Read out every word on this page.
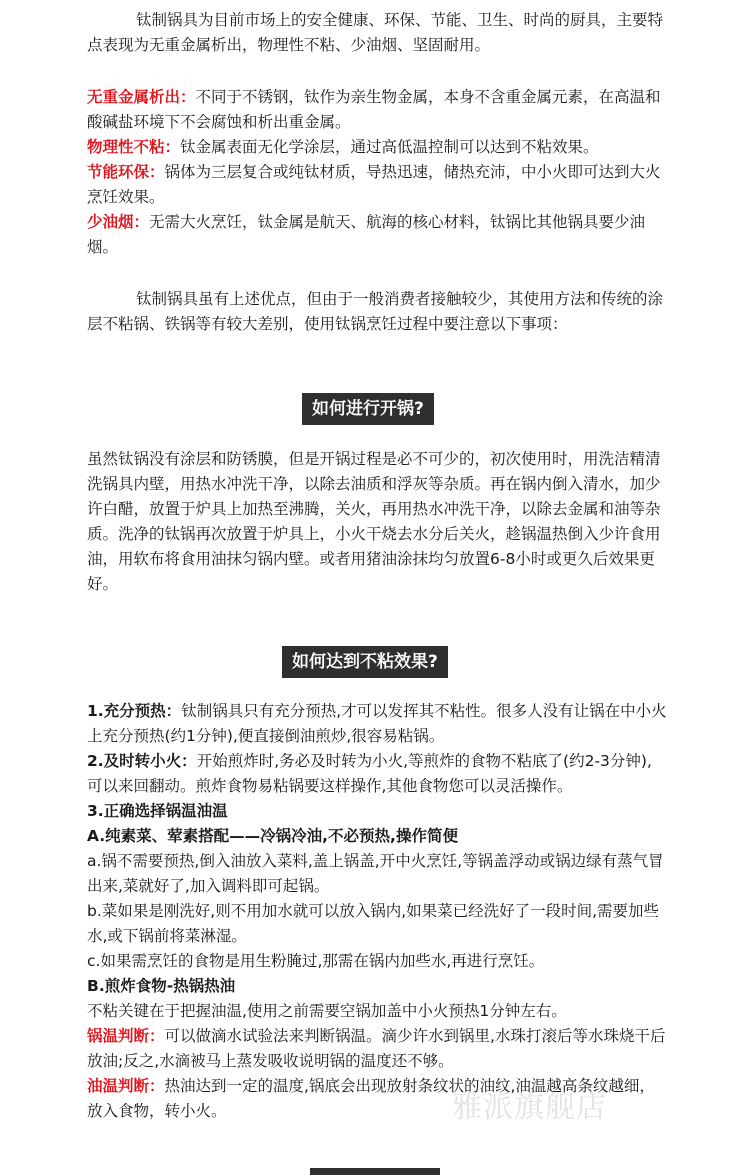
钛制锅具为目前市场上的安全健康、环保、节能、卫生、时尚的厨具，主要特点表现为无重金属析出，物理性不粘、少油烟、坚固耐用。

无重金属析出：不同于不锈钢，钛作为亲生物金属，本身不含重金属元素，在高温和酸碱盐环境下不会腐蚀和析出重金属。

物理性不粘：钛金属表面无化学涂层，通过高低温控制可以达到不粘效果。

节能环保：锅体为三层复合或纯钛材质，导热迅速，储热充沛，中小火即可达到大火烹饪效果。

少油烟：无需大火烹饪，钛金属是航天、航海的核心材料，钛锅比其他锅具要少油烟。

钛制锅具虽有上述优点，但由于一般消费者接触较少，其使用方法和传统的涂层不粘锅、铁锅等有较大差别，使用钛锅烹饪过程中要注意以下事项：

如何进行开锅?

虽然钛锅没有涂层和防锈膜，但是开锅过程是必不可少的，初次使用时，用洗洁精清洗锅具内壁，用热水冲洗干净，以除去油质和浮灰等杂质。再在锅内倒入清水，加少许白醋，放置于炉具上加热至沸腾，关火，再用热水冲洗干净，以除去金属和油等杂质。洗净的钛锅再次放置于炉具上，小火干烧去水分后关火，趁锅温热倒入少许食用油，用软布将食用油抹匀锅内壁。或者用猪油涂抹均匀放置6-8小时或更久后效果更好。

如何达到不粘效果?

1.充分预热：钛制锅具只有充分预热,才可以发挥其不粘性。很多人没有让锅在中小火上充分预热(约1分钟),便直接倒油煎炒,很容易粘锅。

2.及时转小火：开始煎炸时,务必及时转为小火,等煎炸的食物不粘底了(约2-3分钟),可以来回翻动。煎炸食物易粘锅要这样操作,其他食物您可以灵活操作。

3.正确选择锅温油温

A.纯素菜、荤素搭配——冷锅冷油,不必预热,操作简便

a.锅不需要预热,倒入油放入菜料,盖上锅盖,开中火烹饪,等锅盖浮动或锅边绿有蒸气冒出来,菜就好了,加入调料即可起锅。

b.菜如果是刚洗好,则不用加水就可以放入锅内,如果菜已经洗好了一段时间,需要加些水,或下锅前将菜淋湿。

c.如果需烹饪的食物是用生粉腌过,那需在锅内加些水,再进行烹饪。

B.煎炸食物-热锅热油

不粘关键在于把握油温,使用之前需要空锅加盖中小火预热1分钟左右。

锅温判断：可以做滴水试验法来判断锅温。滴少许水到锅里,水珠打滚后等水珠烧干后放油;反之,水滴被马上蒸发吸收说明锅的温度还不够。

油温判断：热油达到一定的温度,锅底会出现放射条纹状的油纹,油温越高条纹越细，放入食物，转小火。	雅派旗舰店
